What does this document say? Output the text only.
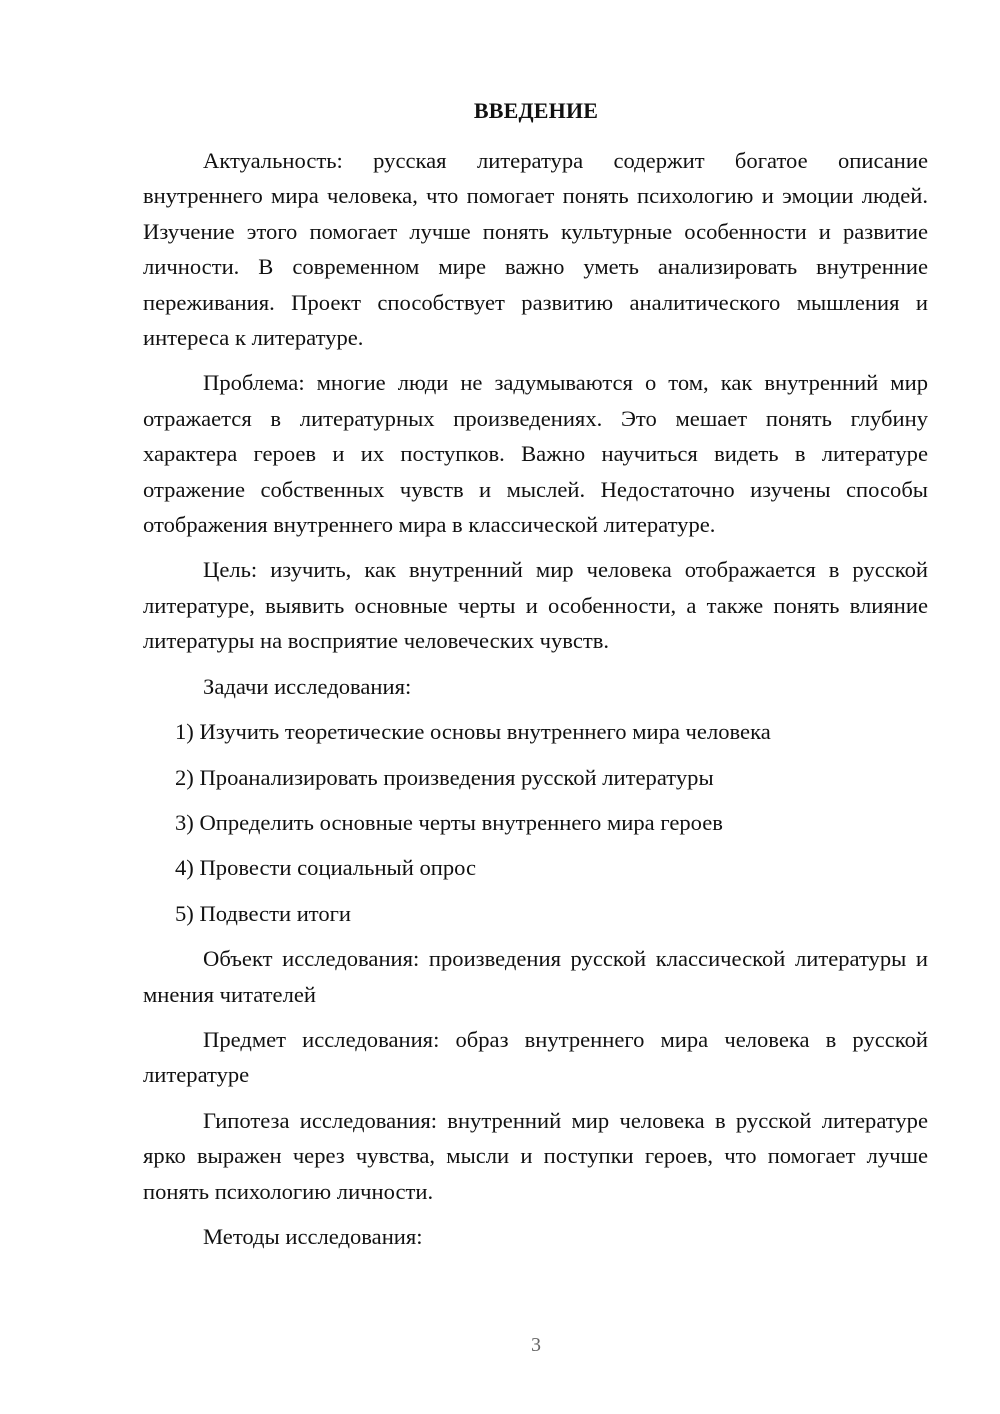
ВВЕДЕНИЕ

Актуальность: русская литература содержит богатое описание внутреннего мира человека, что помогает понять психологию и эмоции людей. Изучение этого помогает лучше понять культурные особенности и развитие личности. В современном мире важно уметь анализировать внутренние переживания. Проект способствует развитию аналитического мышления и интереса к литературе.

Проблема: многие люди не задумываются о том, как внутренний мир отражается в литературных произведениях. Это мешает понять глубину характера героев и их поступков. Важно научиться видеть в литературе отражение собственных чувств и мыслей. Недостаточно изучены способы отображения внутреннего мира в классической литературе.

Цель: изучить, как внутренний мир человека отображается в русской литературе, выявить основные черты и особенности, а также понять влияние литературы на восприятие человеческих чувств.

Задачи исследования:

1) Изучить теоретические основы внутреннего мира человека
2) Проанализировать произведения русской литературы
3) Определить основные черты внутреннего мира героев
4) Провести социальный опрос
5) Подвести итоги

Объект исследования: произведения русской классической литературы и мнения читателей

Предмет исследования: образ внутреннего мира человека в русской литературе

Гипотеза исследования: внутренний мир человека в русской литературе ярко выражен через чувства, мысли и поступки героев, что помогает лучше понять психологию личности.

Методы исследования:

3
